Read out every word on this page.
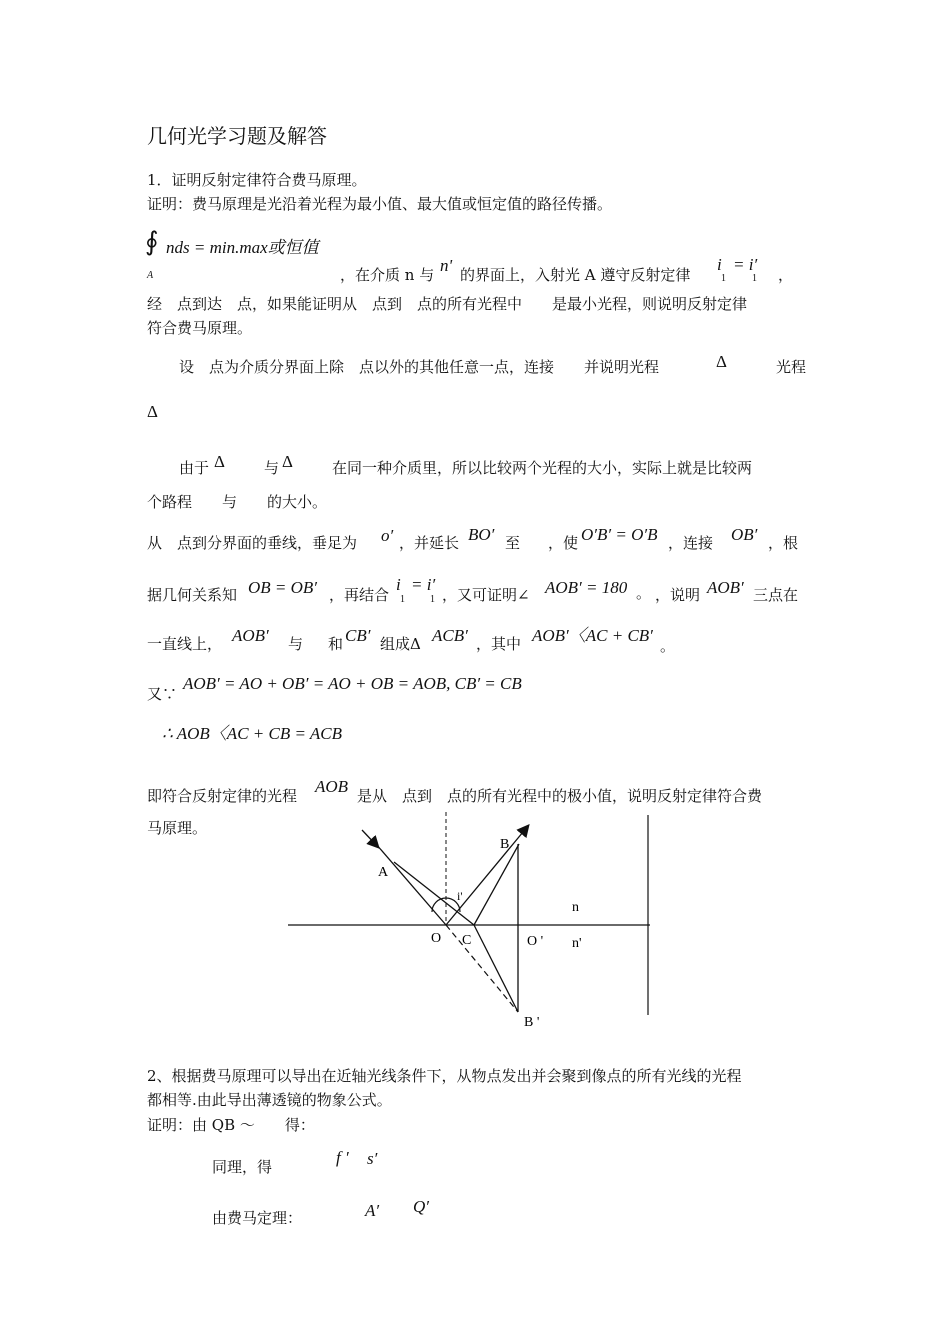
几何光学习题及解答
1．证明反射定律符合费马原理。
证明：费马原理是光沿着光程为最小值、最大值或恒定值的路径传播。
∮ nds = min.max或恒值
A	，在介质 n 与 n' 的界面上，入射光 A 遵守反射定律
i = i′
1	1 ，
经　点到达　点，如果能证明从　点到　点的所有光程中　　是最小光程，则说明反射定律
符合费马原理。
设　点为介质分界面上除　点以外的其他任意一点，连接　　并说明光程	Δ	光程
Δ
由于 Δ	与 Δ	在同一种介质里，所以比较两个光程的大小，实际上就是比较两
个路程　　与　　的大小。
从　点到分界面的垂线，垂足为 o′ ，并延长 BO′ 至 ，使 O′B′ = O′B ，连接 OB′ ，根
据几何关系知 OB = OB′ ，再结合
i = i′
1	1 ，又可证明∠ AOB′ = 180 。 ，说明 AOB′ 三点在
一直线上， AOB′ 与 和 CB′ 组成Δ ACB′ ，其中 AOB′〈AC + CB′
。
又∵
AOB′ = AO + OB′ = AO + OB = AOB, CB′ = CB
∴ AOB〈AC + CB = ACB
即符合反射定律的光程 AOB 是从　点到　点的所有光程中的极小值，说明反射定律符合费
马原理。
A
B
i'
n
O C	O ' n'
B '
2、根据费马原理可以导出在近轴光线条件下，从物点发出并会聚到像点的所有光线的光程
都相等.由此导出薄透镜的物象公式。
证明：由 QB ～　　得：
同理，得	f ′ s′
由费马定理：	A′ Q′
